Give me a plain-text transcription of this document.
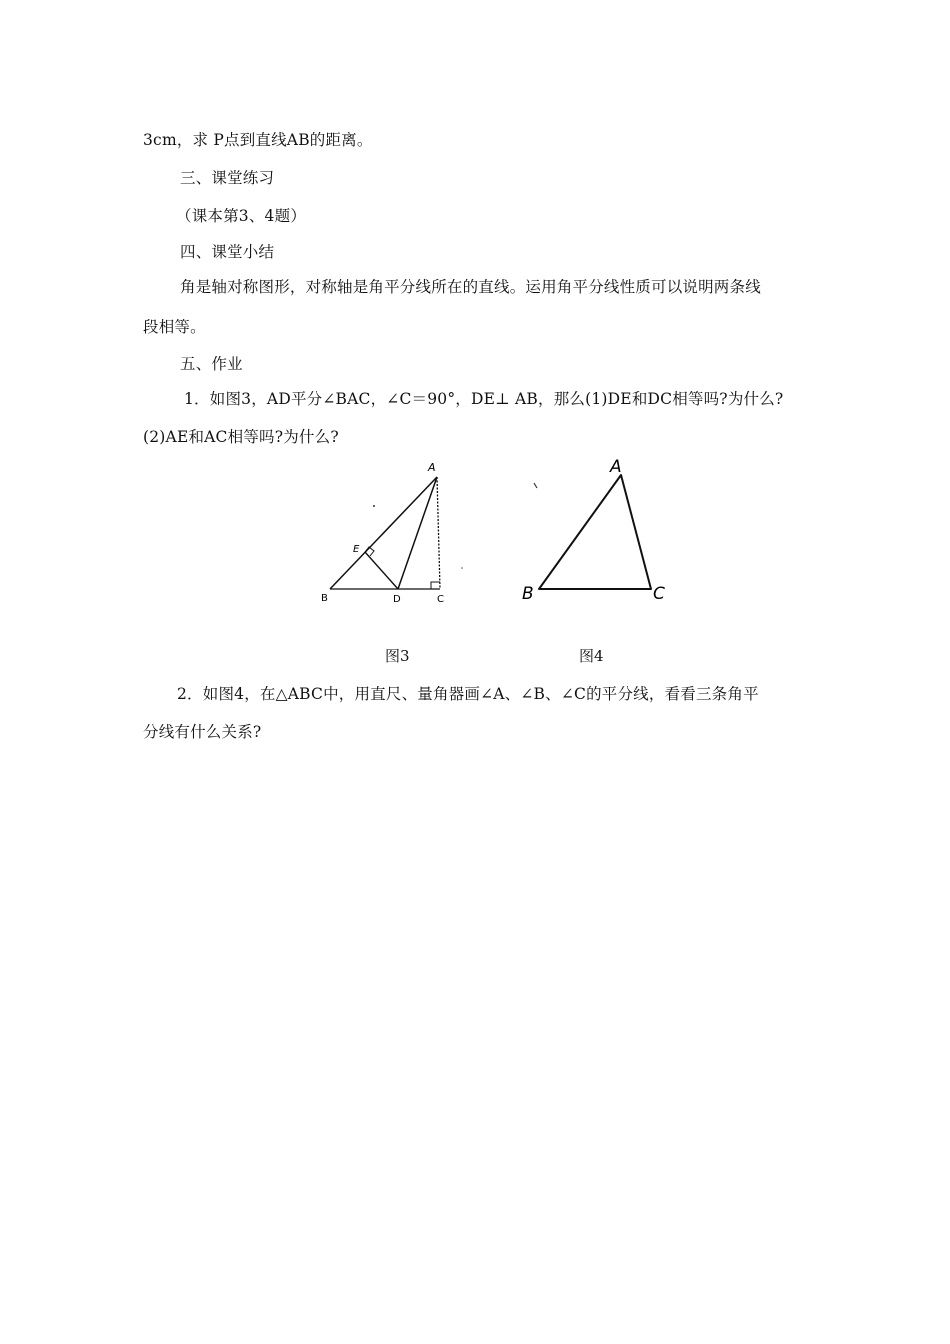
3cm，求 P点到直线AB的距离。
三、课堂练习
（课本第3、4题）
四、课堂小结
角是轴对称图形，对称轴是角平分线所在的直线。运用角平分线性质可以说明两条线
段相等。
五、作业
1．如图3，AD平分∠BAC，∠C＝90°，DE⊥ AB，那么(1)DE和DC相等吗?为什么?
(2)AE和AC相等吗?为什么?
A
B	D	C
E
图3
A
B	C
图4
2．如图4，在△ABC中，用直尺、量角器画∠A、∠B、∠C的平分线，看看三条角平
分线有什么关系?
